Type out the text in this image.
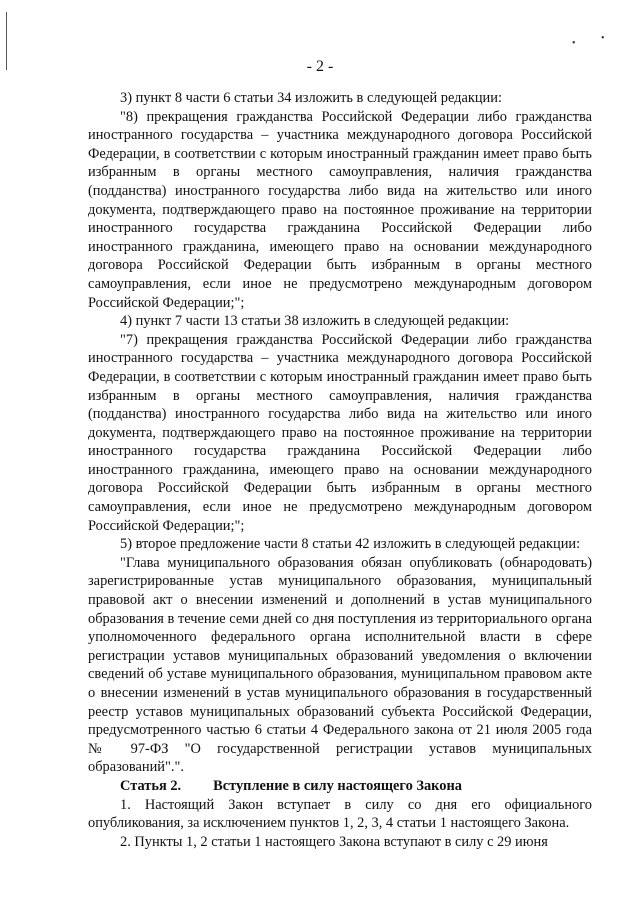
•	•
- 2 -

3) пункт 8 части 6 статьи 34 изложить в следующей редакции:

"8) прекращения гражданства Российской Федерации либо гражданства иностранного государства – участника международного договора Российской Федерации, в соответствии с которым иностранный гражданин имеет право быть избранным в органы местного самоуправления, наличия гражданства (подданства) иностранного государства либо вида на жительство или иного документа, подтверждающего право на постоянное проживание на территории иностранного государства гражданина Российской Федерации либо иностранного гражданина, имеющего право на основании международного договора Российской Федерации быть избранным в органы местного самоуправления, если иное не предусмотрено международным договором Российской Федерации;";

4) пункт 7 части 13 статьи 38 изложить в следующей редакции:

"7) прекращения гражданства Российской Федерации либо гражданства иностранного государства – участника международного договора Российской Федерации, в соответствии с которым иностранный гражданин имеет право быть избранным в органы местного самоуправления, наличия гражданства (подданства) иностранного государства либо вида на жительство или иного документа, подтверждающего право на постоянное проживание на территории иностранного государства гражданина Российской Федерации либо иностранного гражданина, имеющего право на основании международного договора Российской Федерации быть избранным в органы местного самоуправления, если иное не предусмотрено международным договором Российской Федерации;";

5) второе предложение части 8 статьи 42 изложить в следующей редакции:

"Глава муниципального образования обязан опубликовать (обнародовать) зарегистрированные устав муниципального образования, муниципальный правовой акт о внесении изменений и дополнений в устав муниципального образования в течение семи дней со дня поступления из территориального органа уполномоченного федерального органа исполнительной власти в сфере регистрации уставов муниципальных образований уведомления о включении сведений об уставе муниципального образования, муниципальном правовом акте о внесении изменений в устав муниципального образования в государственный реестр уставов муниципальных образований субъекта Российской Федерации, предусмотренного частью 6 статьи 4 Федерального закона от 21 июля 2005 года № 97-ФЗ "О государственной регистрации уставов муниципальных образований".".

Статья 2. Вступление в силу настоящего Закона

1. Настоящий Закон вступает в силу со дня его официального опубликования, за исключением пунктов 1, 2, 3, 4 статьи 1 настоящего Закона.

2. Пункты 1, 2 статьи 1 настоящего Закона вступают в силу с 29 июня
